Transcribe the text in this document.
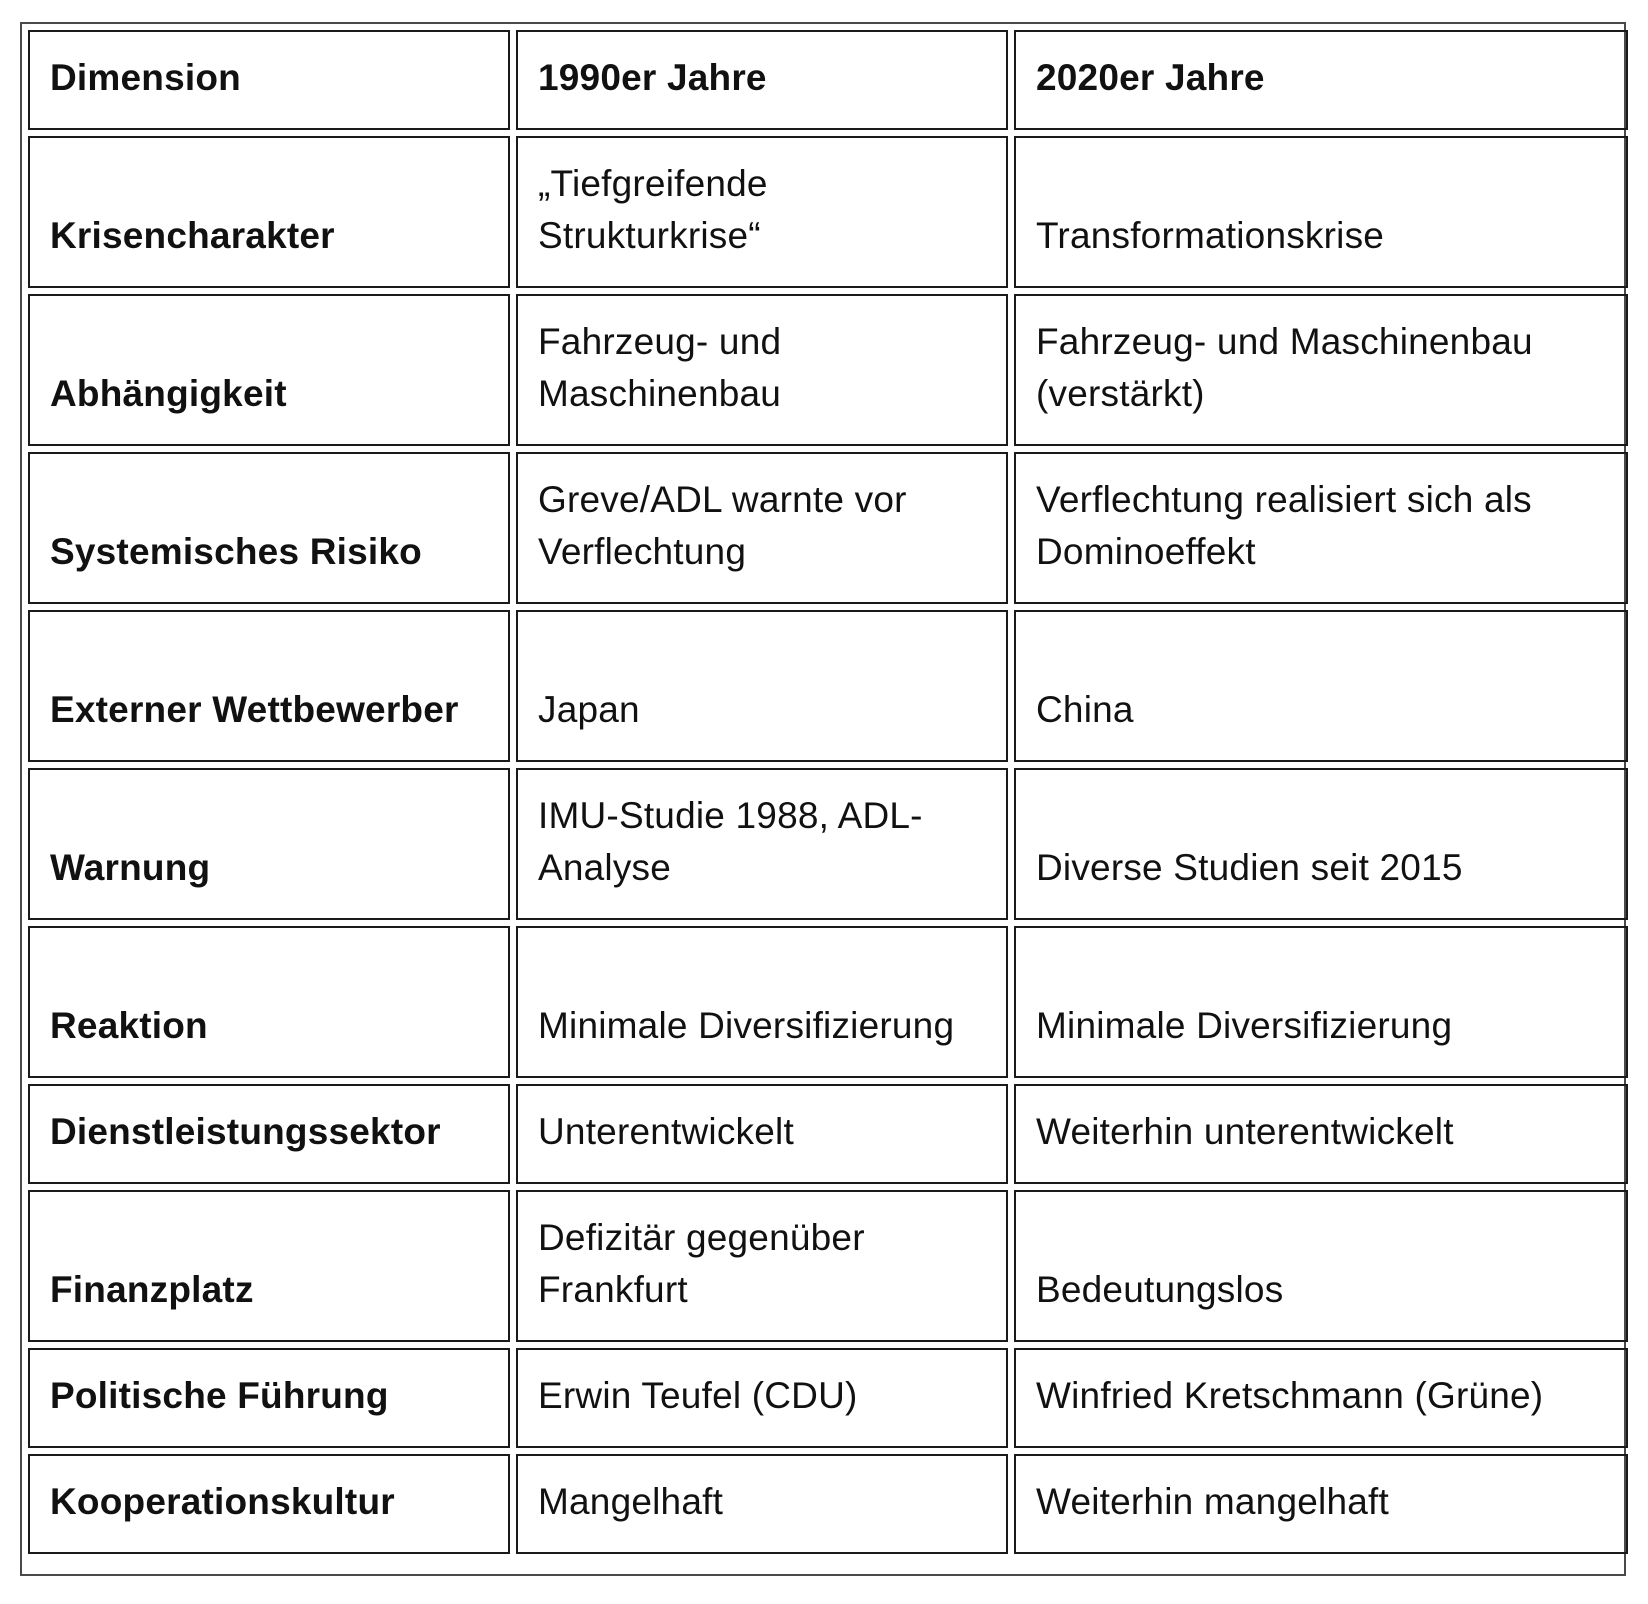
Dimension	1990er Jahre	2020er Jahre
Krisencharakter	„Tiefgreifende Strukturkrise“	Transformationskrise
Abhängigkeit	Fahrzeug- und Maschinenbau	Fahrzeug- und Maschinenbau (verstärkt)
Systemisches Risiko	Greve/ADL warnte vor Verflechtung	Verflechtung realisiert sich als Dominoeffekt
Externer Wettbewerber	Japan	China
Warnung	IMU-Studie 1988, ADL-Analyse	Diverse Studien seit 2015
Reaktion	Minimale Diversifizierung	Minimale Diversifizierung
Dienstleistungssektor	Unterentwickelt	Weiterhin unterentwickelt
Finanzplatz	Defizitär gegenüber Frankfurt	Bedeutungslos
Politische Führung	Erwin Teufel (CDU)	Winfried Kretschmann (Grüne)
Kooperationskultur	Mangelhaft	Weiterhin mangelhaft
